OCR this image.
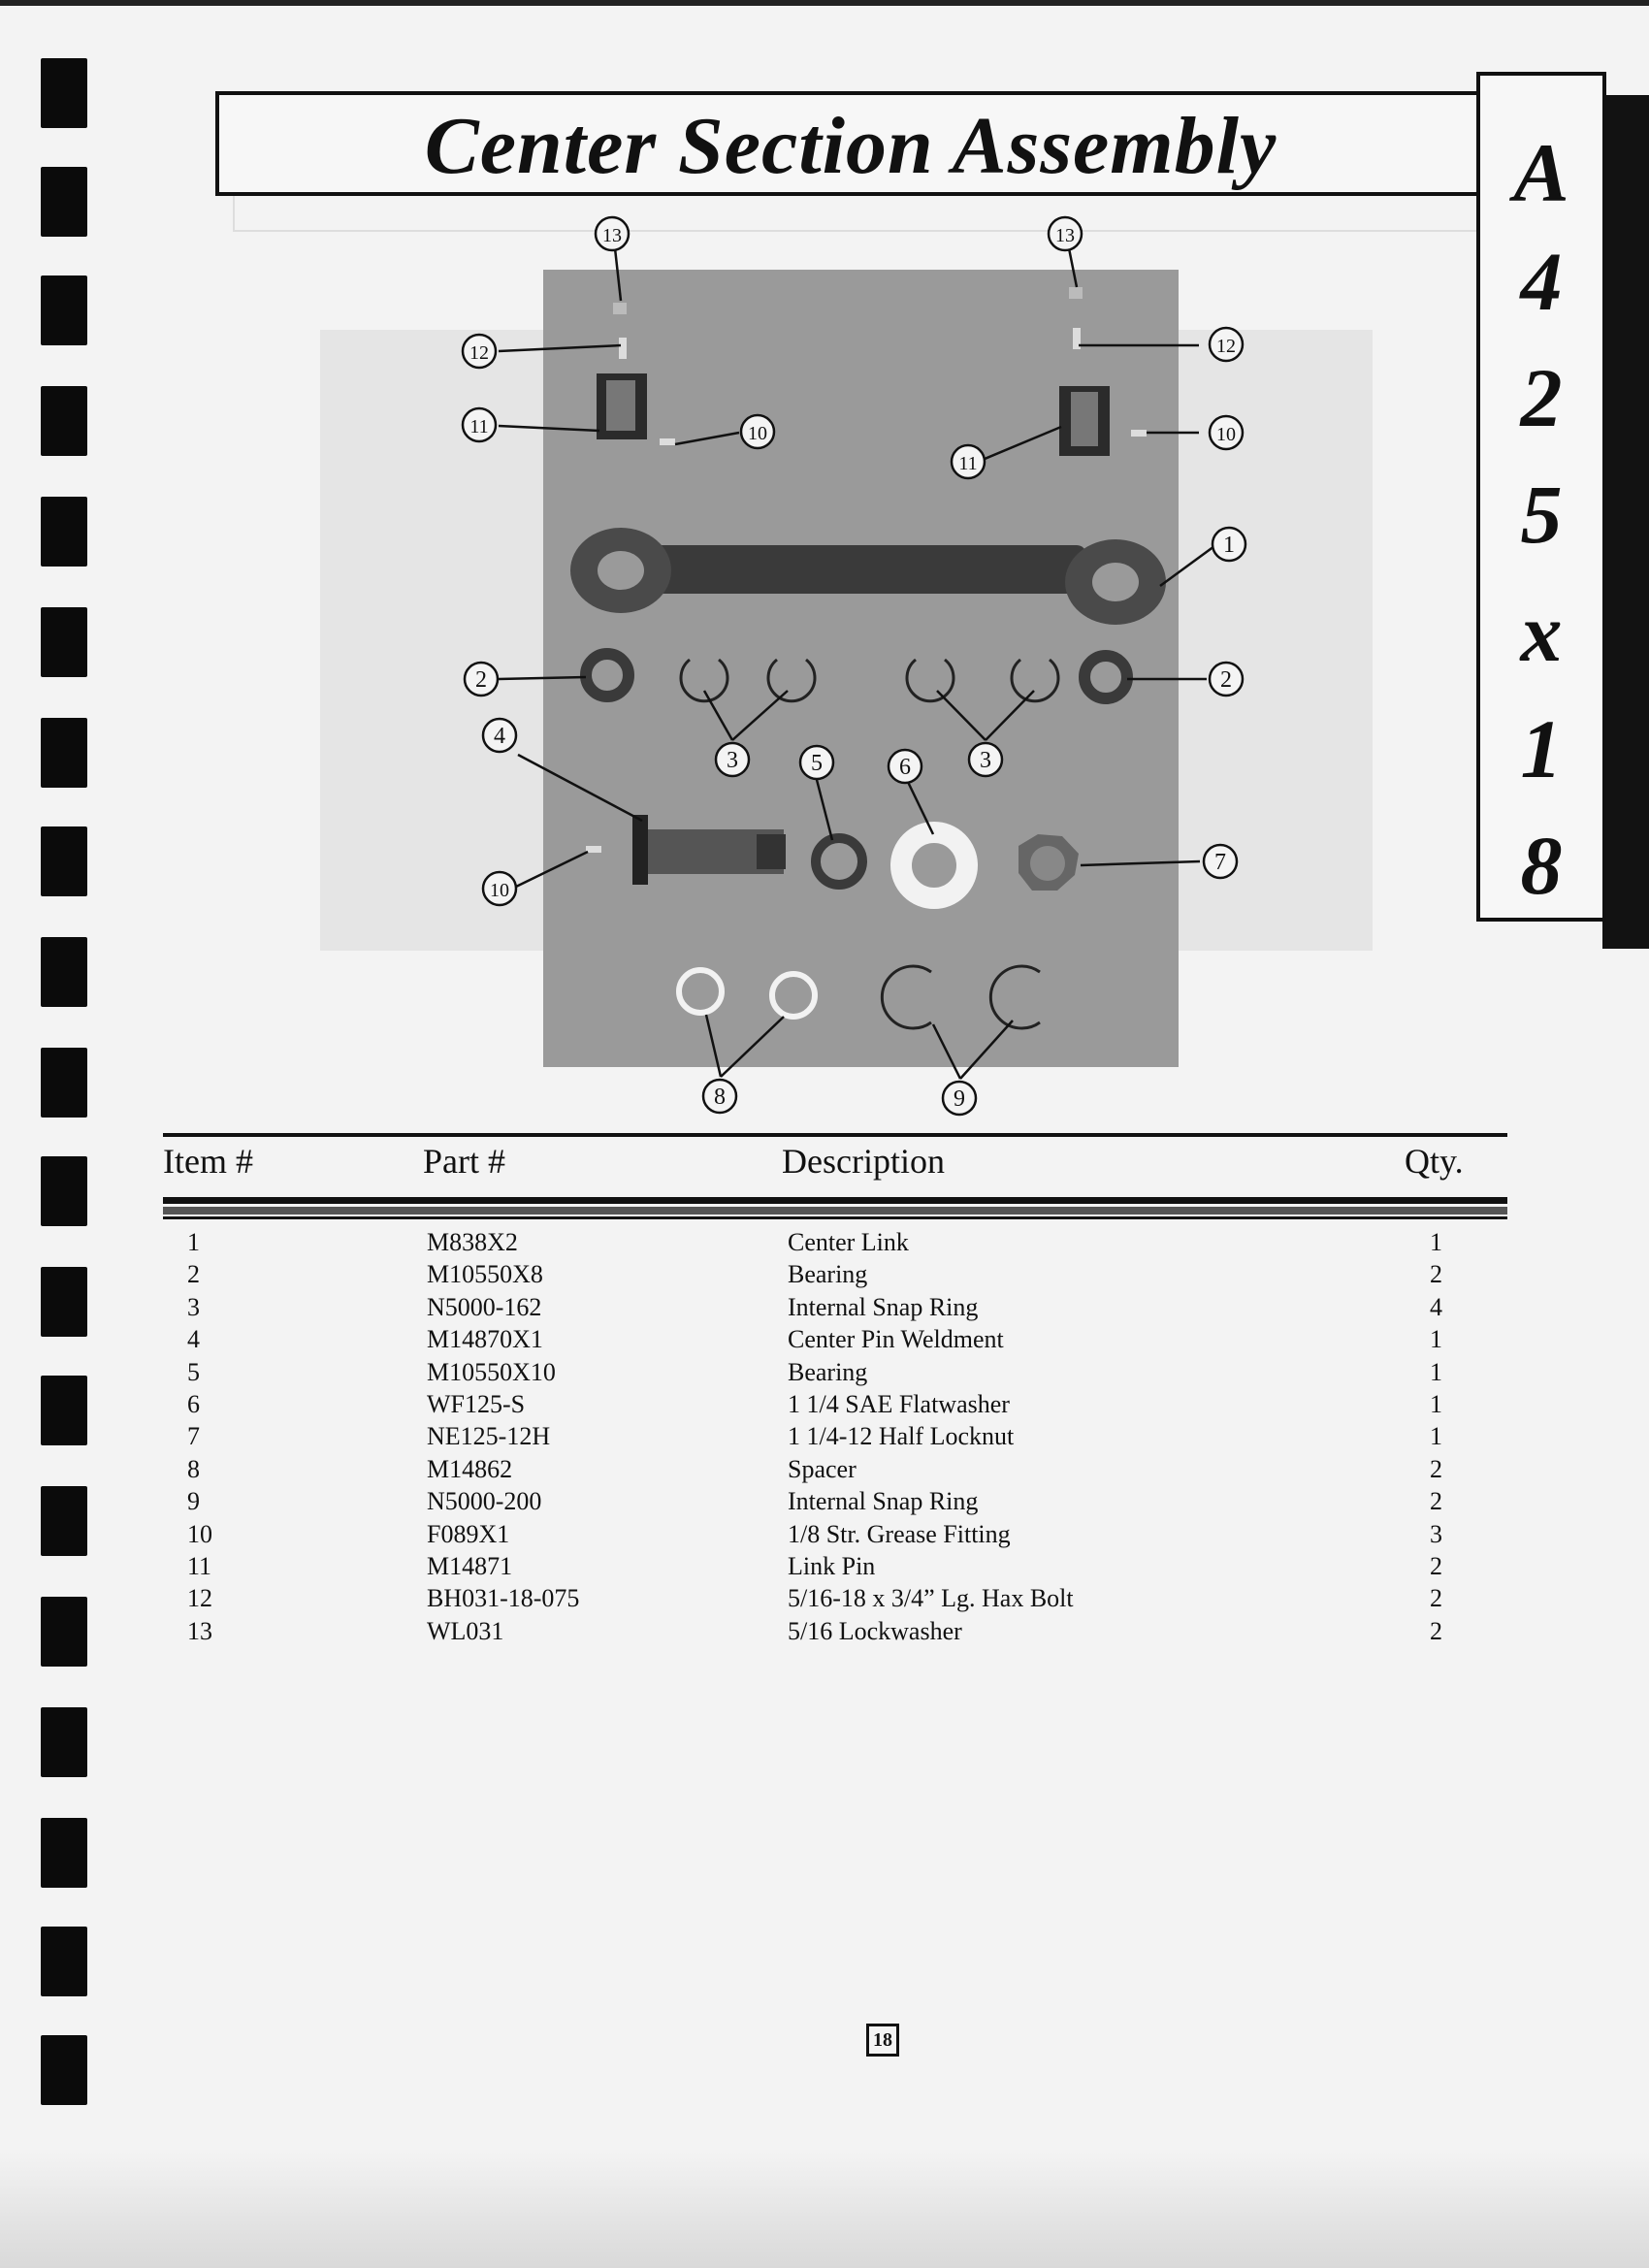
Center Section Assembly	A
4
2
5
x
1
8
1
2	2
3	3
4
5	6
7
8	9
10
10
10
11
11
12	12
13	13
Item #	Part #	Description	Qty.
1	M838X2	Center Link	1
2	M10550X8	Bearing	2
3	N5000-162	Internal Snap Ring	4
4	M14870X1	Center Pin Weldment	1
5	M10550X10	Bearing	1
6	WF125-S	1 1/4 SAE Flatwasher	1
7	NE125-12H	1 1/4-12 Half Locknut	1
8	M14862	Spacer	2
9	N5000-200	Internal Snap Ring	2
10	F089X1	1/8 Str. Grease Fitting	3
11	M14871	Link Pin	2
12	BH031-18-075	5/16-18 x 3/4” Lg. Hax Bolt	2
13	WL031	5/16 Lockwasher	2
18
